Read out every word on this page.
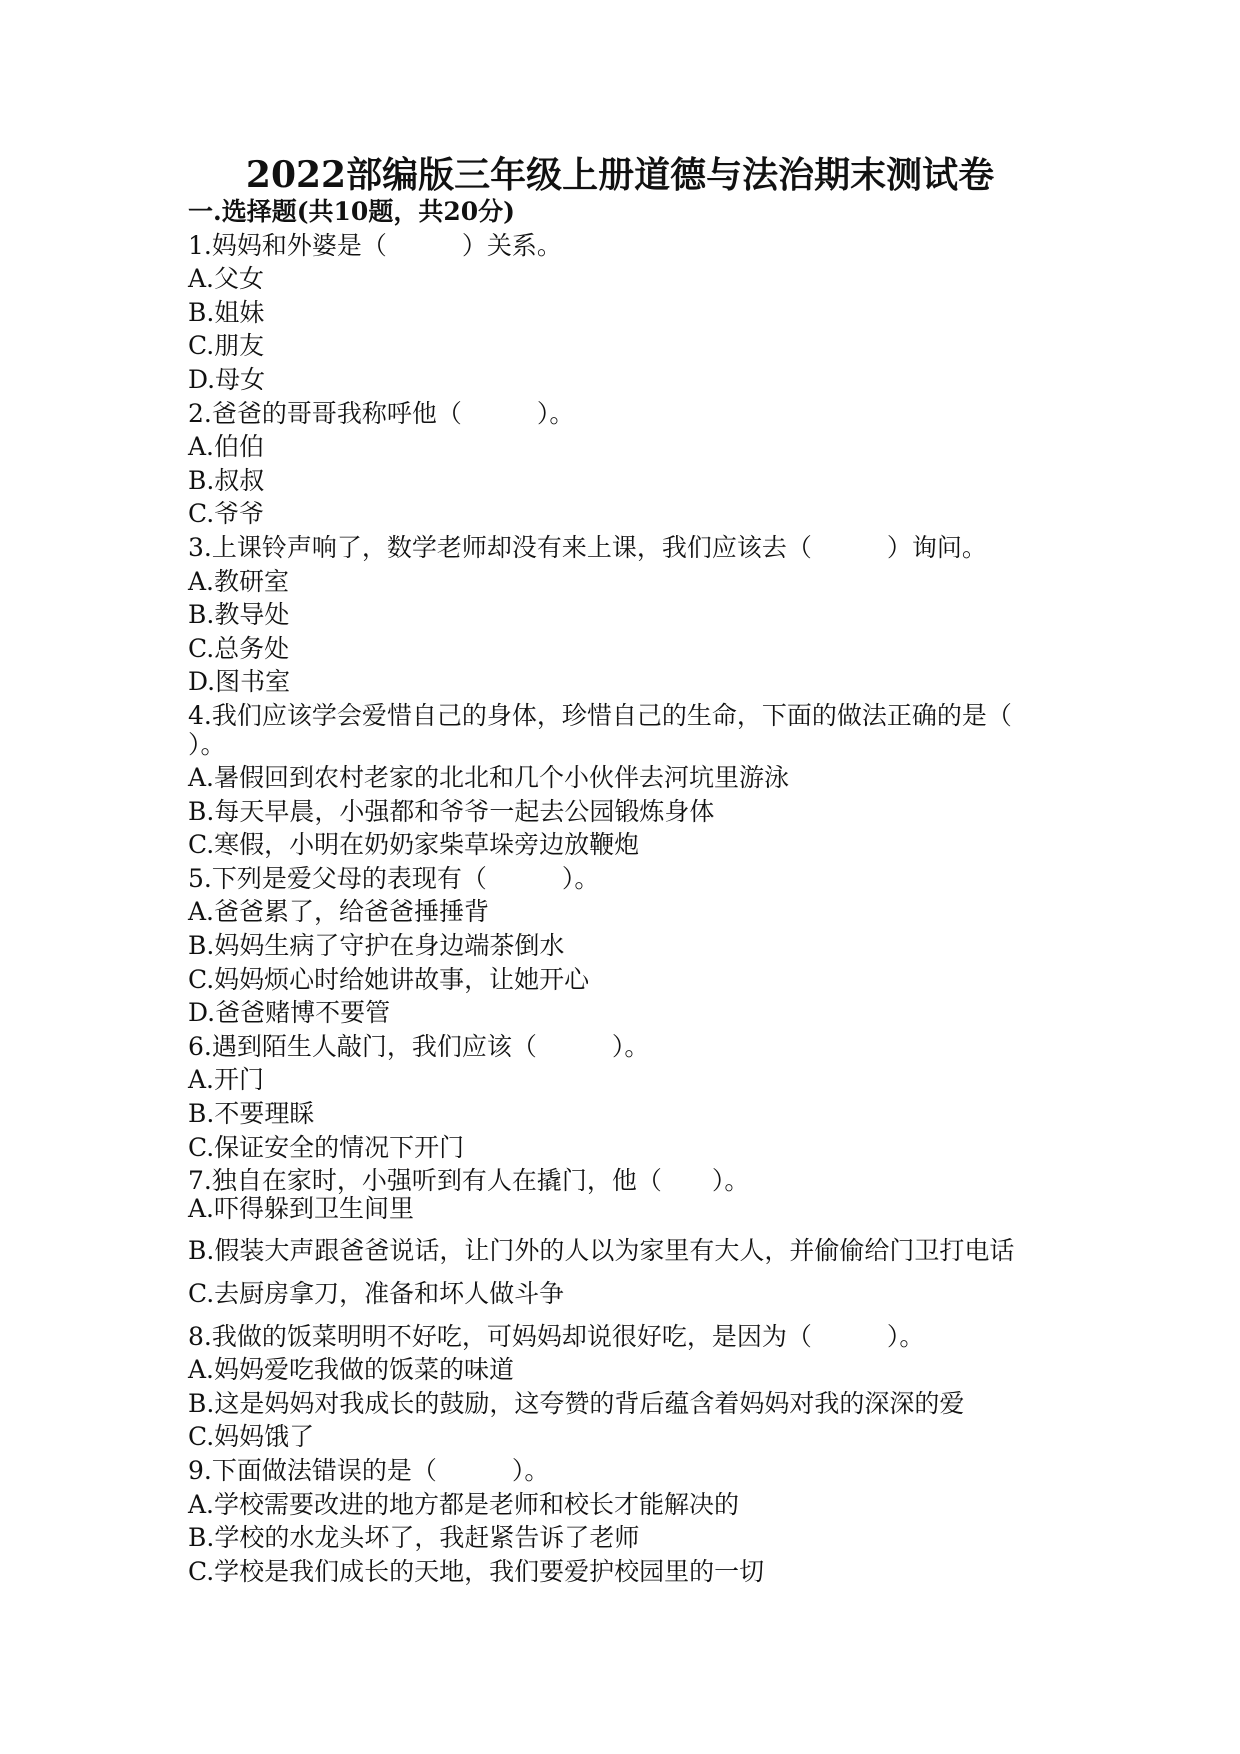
2022部编版三年级上册道德与法治期末测试卷
一.选择题(共10题，共20分)
1.妈妈和外婆是（　　　）关系。
A.父女
B.姐妹
C.朋友
D.母女
2.爸爸的哥哥我称呼他（　　　）。
A.伯伯
B.叔叔
C.爷爷
3.上课铃声响了，数学老师却没有来上课，我们应该去（　　　）询问。
A.教研室
B.教导处
C.总务处
D.图书室
4.我们应该学会爱惜自己的身体，珍惜自己的生命，下面的做法正确的是（
）。
A.暑假回到农村老家的北北和几个小伙伴去河坑里游泳
B.每天早晨，小强都和爷爷一起去公园锻炼身体
C.寒假，小明在奶奶家柴草垛旁边放鞭炮
5.下列是爱父母的表现有（　　　）。
A.爸爸累了，给爸爸捶捶背
B.妈妈生病了守护在身边端茶倒水
C.妈妈烦心时给她讲故事，让她开心
D.爸爸赌博不要管
6.遇到陌生人敲门，我们应该（　　　）。
A.开门
B.不要理睬
C.保证安全的情况下开门
7.独自在家时，小强听到有人在撬门，他（　　）。
A.吓得躲到卫生间里
B.假装大声跟爸爸说话，让门外的人以为家里有大人，并偷偷给门卫打电话
C.去厨房拿刀，准备和坏人做斗争
8.我做的饭菜明明不好吃，可妈妈却说很好吃，是因为（　　　）。
A.妈妈爱吃我做的饭菜的味道
B.这是妈妈对我成长的鼓励，这夸赞的背后蕴含着妈妈对我的深深的爱
C.妈妈饿了
9.下面做法错误的是（　　　）。
A.学校需要改进的地方都是老师和校长才能解决的
B.学校的水龙头坏了，我赶紧告诉了老师
C.学校是我们成长的天地，我们要爱护校园里的一切
